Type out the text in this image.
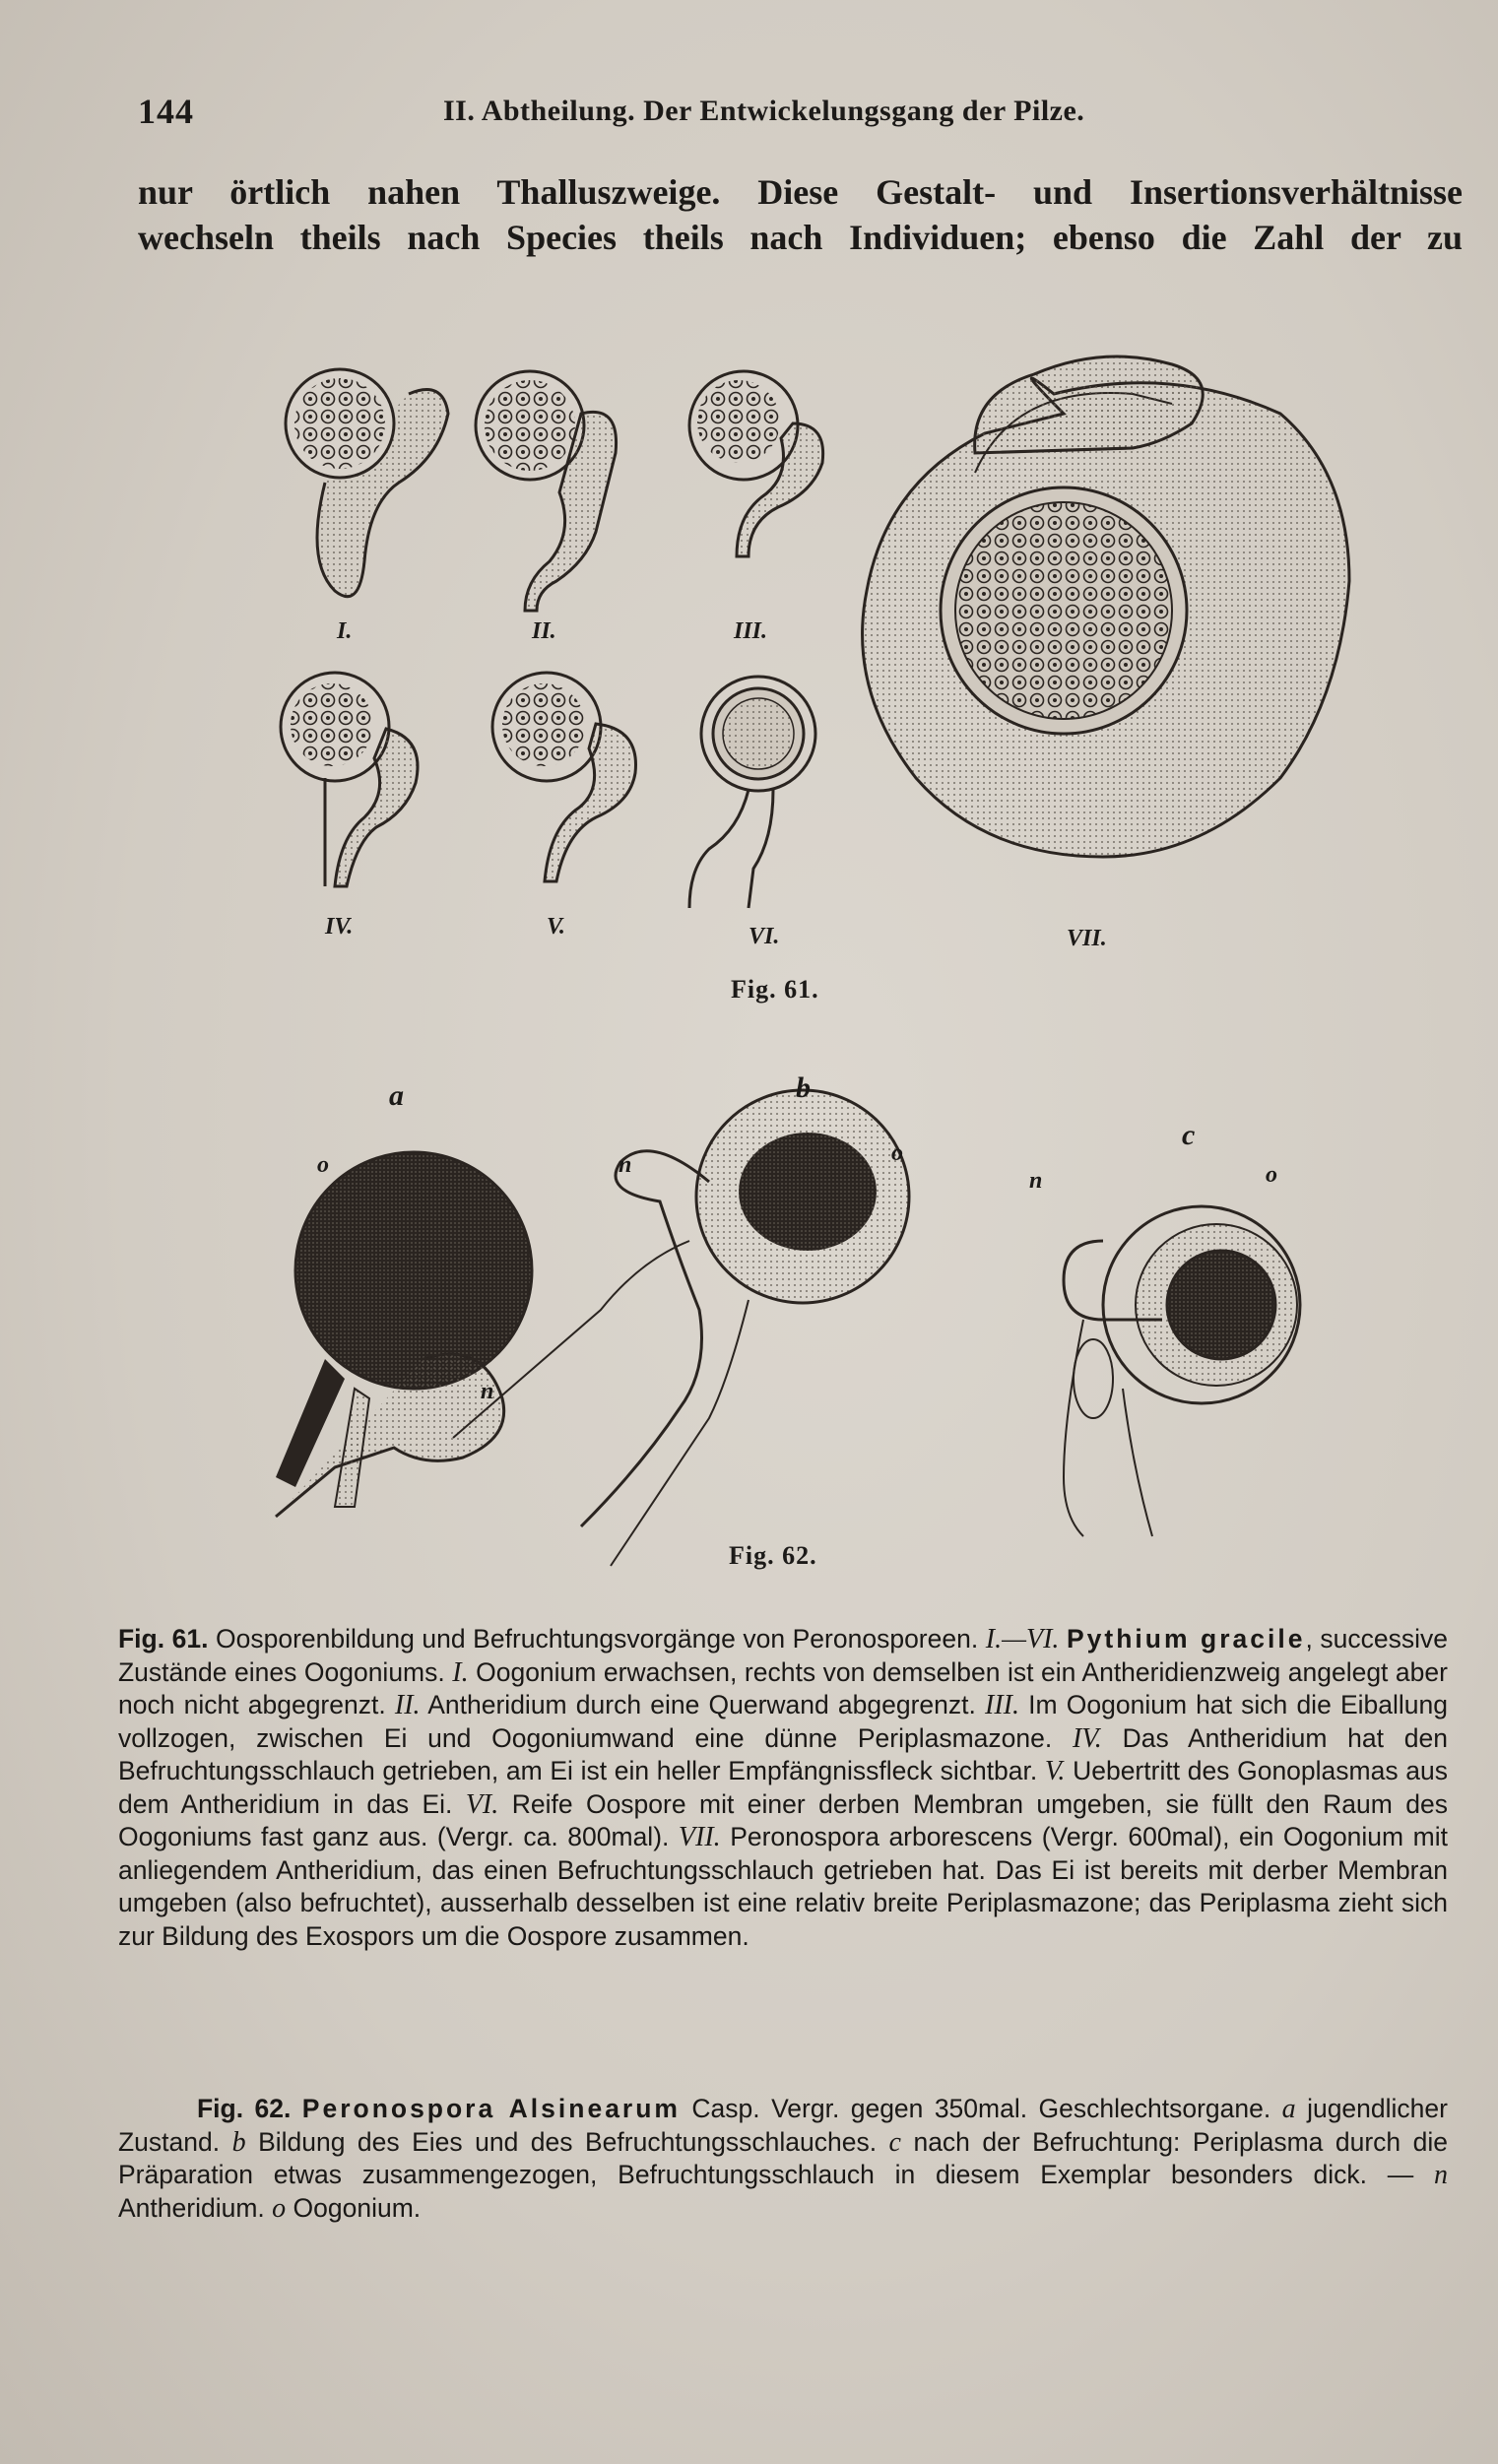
144	II. Abtheilung. Der Entwickelungsgang der Pilze.
nur örtlich nahen Thalluszweige. Diese Gestalt- und Insertionsverhältnisse
wechseln theils nach Species theils nach Individuen; ebenso die Zahl der zu
I.	II.	III.
IV.	V.	VI.	VII.
Fig. 61.
a	b
c
o
n
o
n	o
n
Fig. 62.
Fig. 61. Oosporenbildung und Befruchtungsvorgänge von Peronosporeen. I.—VI. Pythium gracile, successive Zustände eines Oogoniums. I. Oogonium erwachsen, rechts von demselben ist ein Antheridienzweig angelegt aber noch nicht abgegrenzt. II. Antheridium durch eine Querwand abgegrenzt. III. Im Oogonium hat sich die Eiballung vollzogen, zwischen Ei und Oogoniumwand eine dünne Periplasmazone. IV. Das Antheridium hat den Befruchtungsschlauch getrieben, am Ei ist ein heller Empfängnissfleck sichtbar. V. Uebertritt des Gonoplasmas aus dem Antheridium in das Ei. VI. Reife Oospore mit einer derben Membran umgeben, sie füllt den Raum des Oogoniums fast ganz aus. (Vergr. ca. 800mal). VII. Peronospora arborescens (Vergr. 600mal), ein Oogonium mit anliegendem Antheridium, das einen Befruchtungsschlauch getrieben hat. Das Ei ist bereits mit derber Membran umgeben (also befruchtet), ausserhalb desselben ist eine relativ breite Periplasmazone; das Periplasma zieht sich zur Bildung des Exospors um die Oospore zusammen.
Fig. 62. Peronospora Alsinearum Casp. Vergr. gegen 350mal. Geschlechtsorgane. a jugendlicher Zustand. b Bildung des Eies und des Befruchtungsschlauches. c nach der Befruchtung: Periplasma durch die Präparation etwas zusammengezogen, Befruchtungsschlauch in diesem Exemplar besonders dick. — n Antheridium. o Oogonium.
